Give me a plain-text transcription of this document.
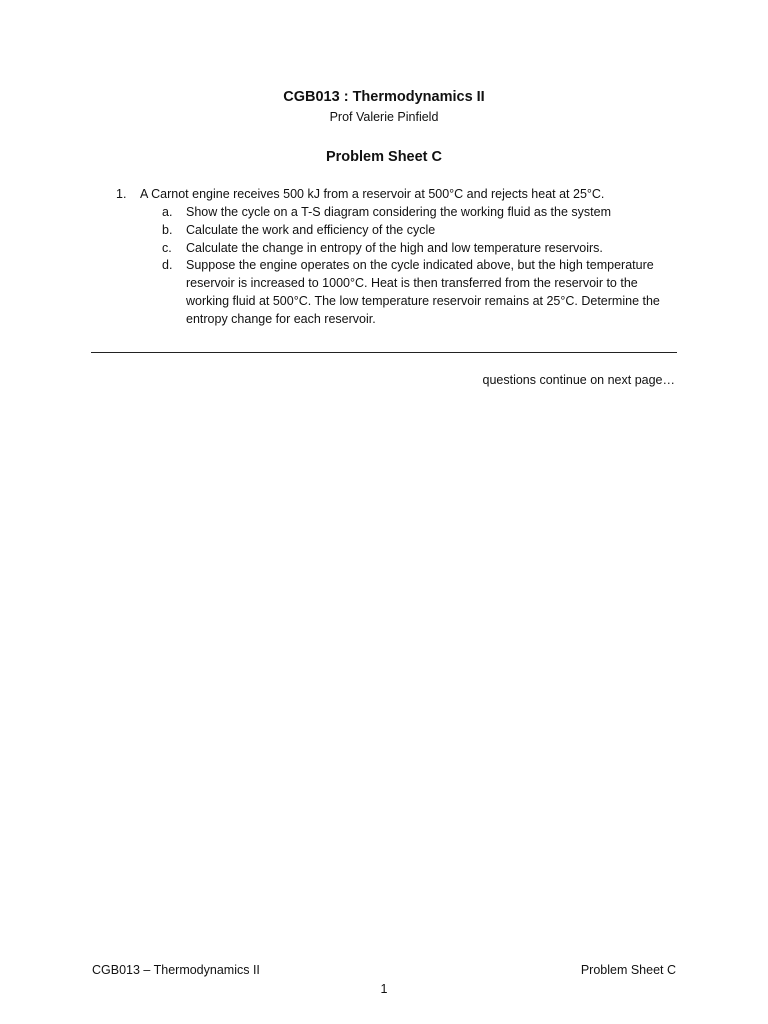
CGB013 : Thermodynamics II
Prof Valerie Pinfield
Problem Sheet C
1. A Carnot engine receives 500 kJ from a reservoir at 500°C and rejects heat at 25°C.
a. Show the cycle on a T-S diagram considering the working fluid as the system
b. Calculate the work and efficiency of the cycle
c. Calculate the change in entropy of the high and low temperature reservoirs.
d. Suppose the engine operates on the cycle indicated above, but the high temperature reservoir is increased to 1000°C. Heat is then transferred from the reservoir to the working fluid at 500°C. The low temperature reservoir remains at 25°C. Determine the entropy change for each reservoir.
questions continue on next page…
CGB013 – Thermodynamics II	Problem Sheet C
1
